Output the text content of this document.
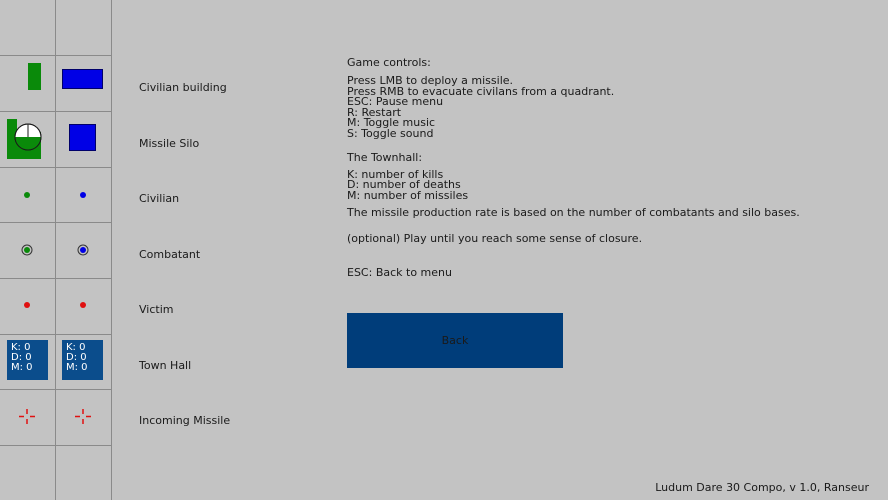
K: 0
D: 0
M: 0
K: 0
D: 0
M: 0
Civilian building
Missile Silo
Civilian
Combatant
Victim
Town Hall
Incoming Missile
Game controls:
Press LMB to deploy a missile.
Press RMB to evacuate civilans from a quadrant.
ESC: Pause menu
R: Restart
M: Toggle music
S: Toggle sound
The Townhall:
K: number of kills
D: number of deaths
M: number of missiles
The missile production rate is based on the number of combatants and silo bases.
(optional) Play until you reach some sense of closure.
ESC: Back to menu
Back
Ludum Dare 30 Compo, v 1.0, Ranseur
